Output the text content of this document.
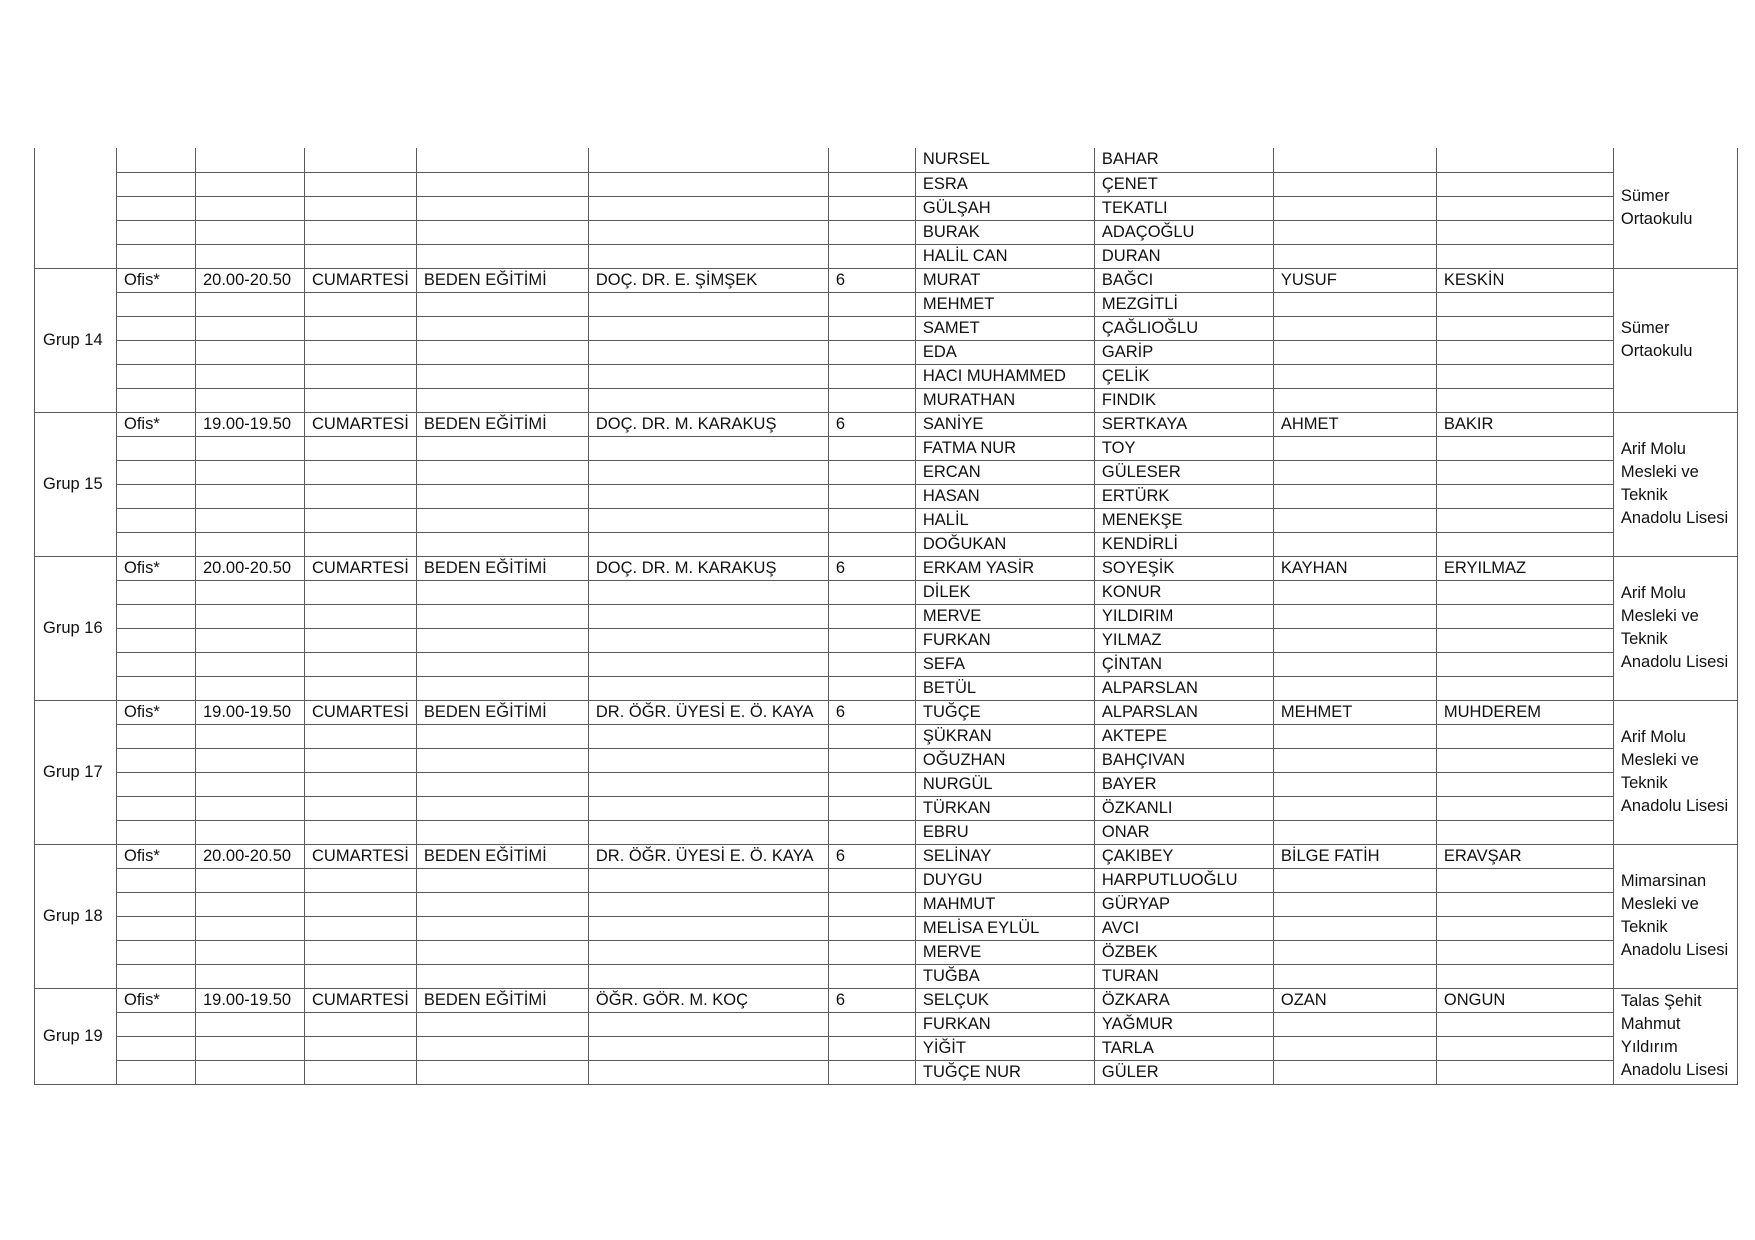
							NURSEL	BAHAR			Sümer Ortaokulu
							ESRA	ÇENET			
							GÜLŞAH	TEKATLI			
							BURAK	ADAÇOĞLU			
							HALİL CAN	DURAN			
Grup 14	Ofis*	20.00-20.50	CUMARTESİ	BEDEN EĞİTİMİ	DOÇ. DR. E. ŞİMŞEK	6	MURAT	BAĞCI	YUSUF	KESKİN	Sümer Ortaokulu
							MEHMET	MEZGİTLİ			
							SAMET	ÇAĞLIOĞLU			
							EDA	GARİP			
							HACI MUHAMMED	ÇELİK			
							MURATHAN	FINDIK			
Grup 15	Ofis*	19.00-19.50	CUMARTESİ	BEDEN EĞİTİMİ	DOÇ. DR. M. KARAKUŞ	6	SANİYE	SERTKAYA	AHMET	BAKIR	Arif Molu Mesleki ve Teknik Anadolu Lisesi
							FATMA NUR	TOY			
							ERCAN	GÜLESER			
							HASAN	ERTÜRK			
							HALİL	MENEKŞE			
							DOĞUKAN	KENDİRLİ			
Grup 16	Ofis*	20.00-20.50	CUMARTESİ	BEDEN EĞİTİMİ	DOÇ. DR. M. KARAKUŞ	6	ERKAM YASİR	SOYEŞİK	KAYHAN	ERYILMAZ	Arif Molu Mesleki ve Teknik Anadolu Lisesi
							DİLEK	KONUR			
							MERVE	YILDIRIM			
							FURKAN	YILMAZ			
							SEFA	ÇİNTAN			
							BETÜL	ALPARSLAN			
Grup 17	Ofis*	19.00-19.50	CUMARTESİ	BEDEN EĞİTİMİ	DR. ÖĞR. ÜYESİ E. Ö. KAYA	6	TUĞÇE	ALPARSLAN	MEHMET	MUHDEREM	Arif Molu Mesleki ve Teknik Anadolu Lisesi
							ŞÜKRAN	AKTEPE			
							OĞUZHAN	BAHÇIVAN			
							NURGÜL	BAYER			
							TÜRKAN	ÖZKANLI			
							EBRU	ONAR			
Grup 18	Ofis*	20.00-20.50	CUMARTESİ	BEDEN EĞİTİMİ	DR. ÖĞR. ÜYESİ E. Ö. KAYA	6	SELİNAY	ÇAKIBEY	BİLGE FATİH	ERAVŞAR	Mimarsinan Mesleki ve Teknik Anadolu Lisesi
							DUYGU	HARPUTLUOĞLU			
							MAHMUT	GÜRYAP			
							MELİSA EYLÜL	AVCI			
							MERVE	ÖZBEK			
							TUĞBA	TURAN			
Grup 19	Ofis*	19.00-19.50	CUMARTESİ	BEDEN EĞİTİMİ	ÖĞR. GÖR. M. KOÇ	6	SELÇUK	ÖZKARA	OZAN	ONGUN	Talas Şehit Mahmut Yıldırım Anadolu Lisesi
							FURKAN	YAĞMUR			
							YİĞİT	TARLA			
							TUĞÇE NUR	GÜLER			
